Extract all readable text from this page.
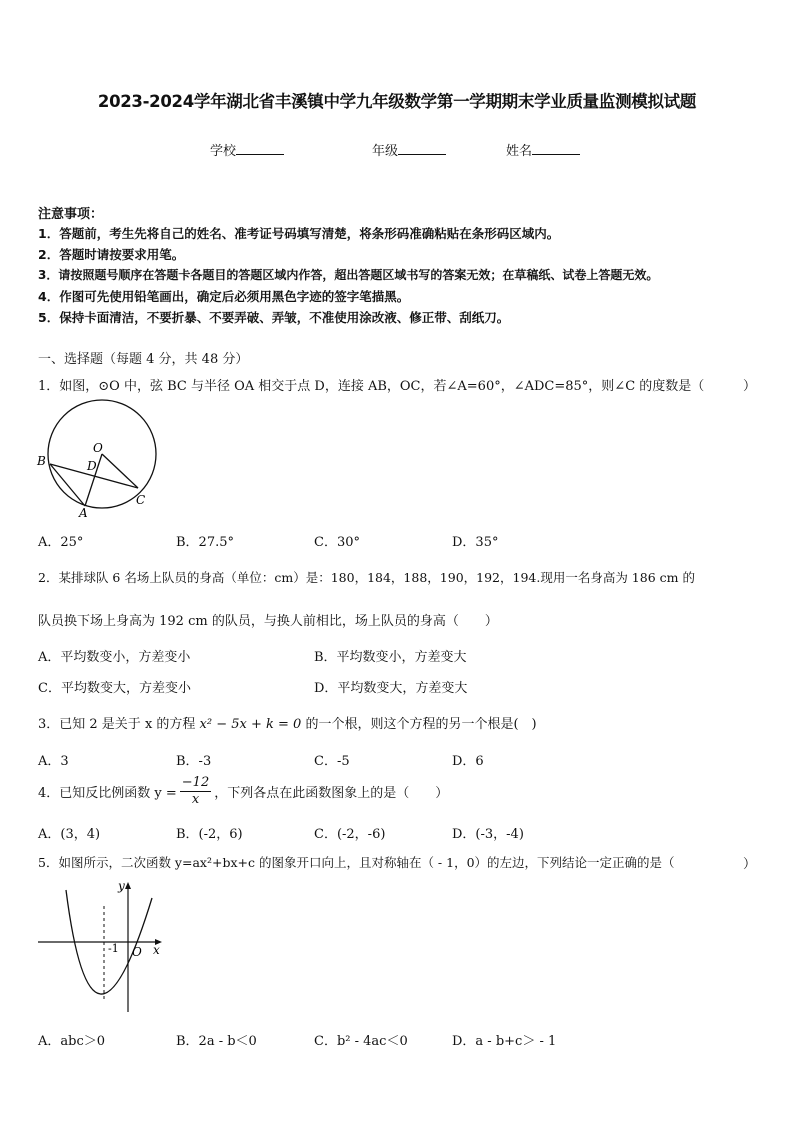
2023-2024学年湖北省丰溪镇中学九年级数学第一学期期末学业质量监测模拟试题
学校	年级	姓名
注意事项：
1．答题前，考生先将自己的姓名、准考证号码填写清楚，将条形码准确粘贴在条形码区域内。
2．答题时请按要求用笔。
3．请按照题号顺序在答题卡各题目的答题区域内作答，超出答题区域书写的答案无效；在草稿纸、试卷上答题无效。
4．作图可先使用铅笔画出，确定后必须用黑色字迹的签字笔描黑。
5．保持卡面清洁，不要折暴、不要弄破、弄皱，不准使用涂改液、修正带、刮纸刀。
一、选择题（每题 4 分，共 48 分）
1．如图，⊙O 中，弦 BC 与半径 OA 相交于点 D，连接 AB，OC，若∠A=60°，∠ADC=85°，则∠C 的度数是（	）
O
D
B
C
A
A．25°	B．27.5°	C．30°	D．35°
2．某排球队 6 名场上队员的身高（单位：cm）是：180，184，188，190，192，194.现用一名身高为 186 cm 的
队员换下场上身高为 192 cm 的队员，与换人前相比，场上队员的身高（　　）
A．平均数变小，方差变小	B．平均数变小，方差变大
C．平均数变大，方差变小	D．平均数变大，方差变大
3．已知 2 是关于 x 的方程 x² − 5x + k = 0 的一个根，则这个方程的另一个根是(　)
A．3	B．-3	C．-5	D．6
4．已知反比例函数 $y = \frac{-12}{x}$ ，下列各点在此函数图象上的是（　　）
A．(3，4)	B．(-2，6)	C．(-2，-6)	D．(-3，-4)
5．如图所示，二次函数 y=ax²+bx+c 的图象开口向上，且对称轴在（ - 1，0）的左边，下列结论一定正确的是（	）
y
x
O
-1
A．abc＞0	B．2a - b＜0	C．b² - 4ac＜0	D．a - b+c＞ - 1
